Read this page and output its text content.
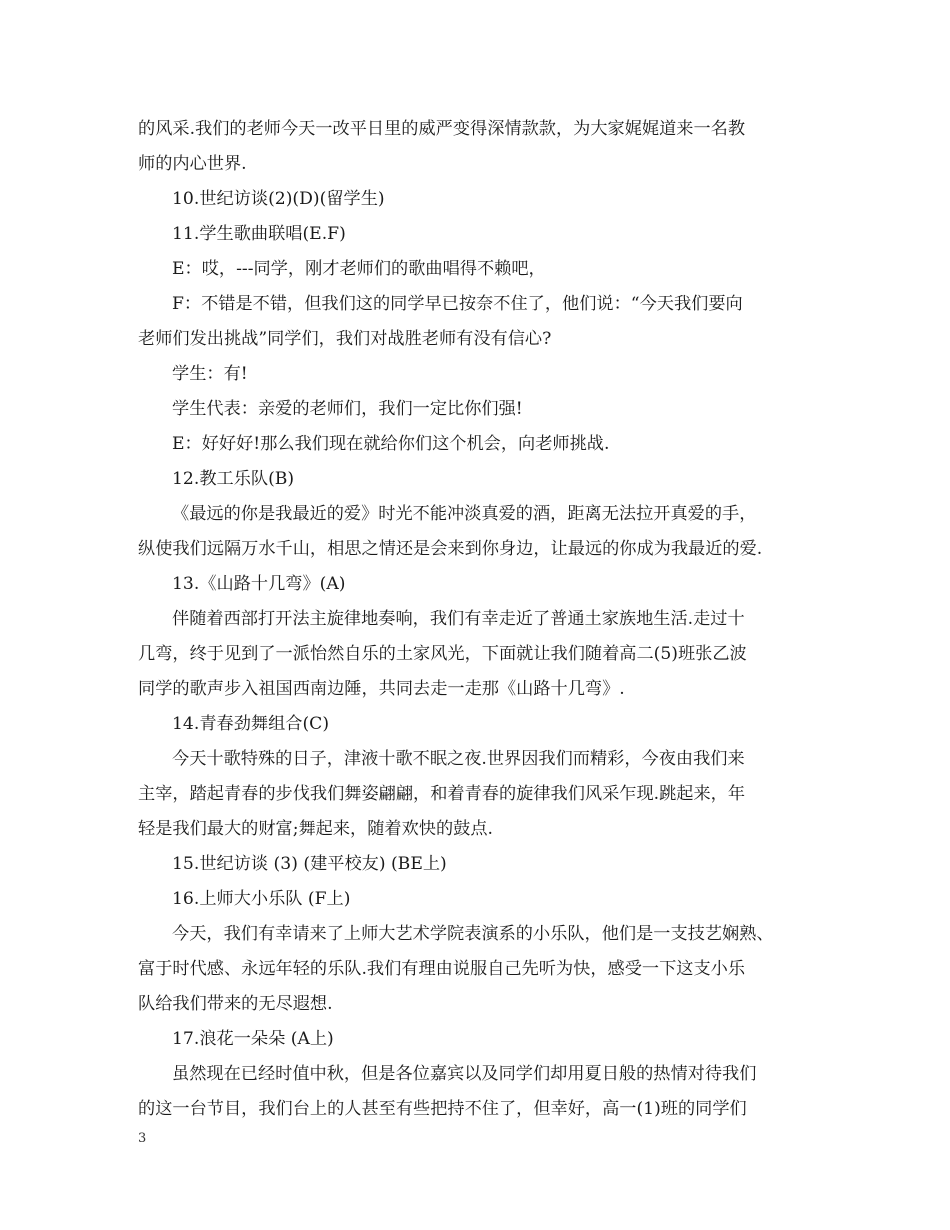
的风采.我们的老师今天一改平日里的威严变得深情款款，为大家娓娓道来一名教
师的内心世界.
10.世纪访谈(2)(D)(留学生)
11.学生歌曲联唱(E.F)
E：哎，---同学，刚才老师们的歌曲唱得不赖吧，
F：不错是不错，但我们这的同学早已按奈不住了，他们说：“今天我们要向
老师们发出挑战”同学们，我们对战胜老师有没有信心?
学生：有!
学生代表：亲爱的老师们，我们一定比你们强!
E：好好好!那么我们现在就给你们这个机会，向老师挑战.
12.教工乐队(B)
《最远的你是我最近的爱》时光不能冲淡真爱的酒，距离无法拉开真爱的手，
纵使我们远隔万水千山，相思之情还是会来到你身边，让最远的你成为我最近的爱.
13.《山路十几弯》(A)
伴随着西部打开法主旋律地奏响，我们有幸走近了普通土家族地生活.走过十
几弯，终于见到了一派怡然自乐的土家风光，下面就让我们随着高二(5)班张乙波
同学的歌声步入祖国西南边陲，共同去走一走那《山路十几弯》.
14.青春劲舞组合(C)
今天十歌特殊的日子，津液十歌不眠之夜.世界因我们而精彩，今夜由我们来
主宰，踏起青春的步伐我们舞姿翩翩，和着青春的旋律我们风采乍现.跳起来，年
轻是我们最大的财富;舞起来，随着欢快的鼓点.
15.世纪访谈 (3) (建平校友) (BE上)
16.上师大小乐队 (F上)
今天，我们有幸请来了上师大艺术学院表演系的小乐队，他们是一支技艺娴熟、
富于时代感、永远年轻的乐队.我们有理由说服自己先听为快，感受一下这支小乐
队给我们带来的无尽遐想.
17.浪花一朵朵 (A上)
虽然现在已经时值中秋，但是各位嘉宾以及同学们却用夏日般的热情对待我们
的这一台节目，我们台上的人甚至有些把持不住了，但幸好，高一(1)班的同学们
3
